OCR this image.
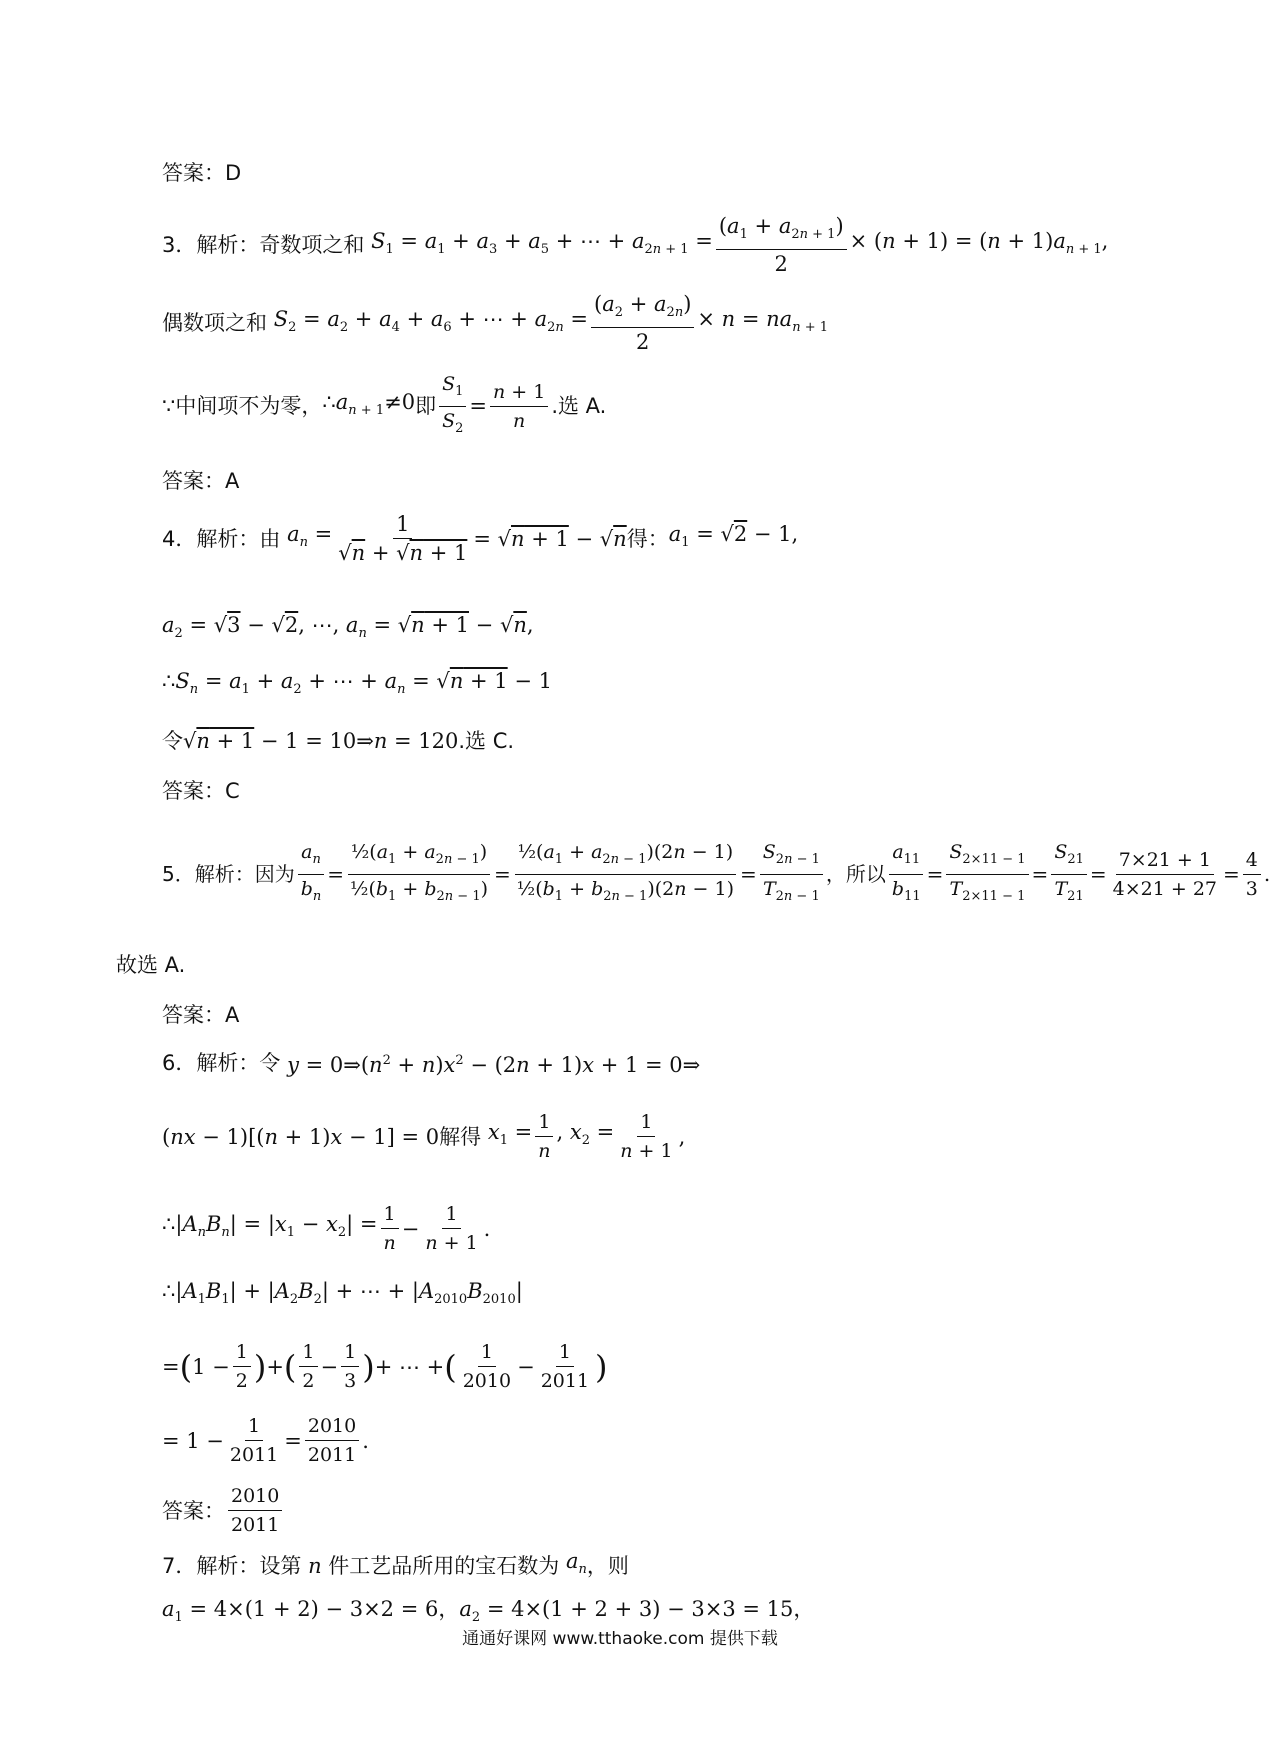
答案：D
3．解析：奇数项之和 $S_1 = a_1 + a_3 + a_5$ + ⋯ + $a_{2n + 1} = \frac{(a_1 + a_{2n + 1})}{2} \times (n + 1) = (n + 1)a_{n + 1}$,
偶数项之和 $S_2 = a_2 + a_4 + a_6$ + ⋯ + $a_{2n} = \frac{(a_2 + a_{2n})}{2} \times n = na_{n + 1}$
∵中间项不为零， $\therefore a_{n + 1}\ne 0$ 即 $\frac{S_1}{S_2} = \frac{n + 1}{n}$ .选 A.
答案：A
4．解析：由 $a_n = \frac{1}{√n + √n + 1} = √n + 1 - √n$ 得： $a_1 = √2 - 1$,
$a_2 = √3 - √2$, ⋯, $a_n = √n + 1 - √n$,
$\therefore S_n = a_1 + a_2$ + ⋯ + $a_n = √n + 1 - 1$
令 √n + 1 − 1 = 10⇒n = 120 .选 C.
答案：C
5．解析：因为 $\frac{a_n}{b_n} = \frac{\frac{1}{2}(a_1 + a_{2n - 1})}{\frac{1}{2}(b_1 + b_{2n - 1})} = \frac{\frac{1}{2}(a_1 + a_{2n - 1})(2n - 1)}{\frac{1}{2}(b_1 + b_{2n - 1})(2n - 1)} = \frac{S_{2n - 1}}{T_{2n - 1}}$ ，所以 $\frac{a_{11}}{b_{11}} = \frac{S_{2\times 11 - 1}}{T_{2\times 11 - 1}} = \frac{S_{21}}{T_{21}} = \frac{7\times 21 + 1}{4\times 21 + 27} = \frac{4}{3}$ .
故选 A.
答案：A
6．解析：令 $y = 0\Rightarrow(n^2 + n)x^2 - (2n + 1)x + 1$ = 0⇒
(nx − 1)[(n + 1)x − 1] = 0 解得 $x_1 = \frac{1}{n}$ , $x_2 = \frac{1}{n + 1}$ ,
$\therefore|A_nB_n| = |x_1 - x_2| = \frac{1}{n} - \frac{1}{n + 1}$ .
$\therefore|A_1B_1| + |A_2B_2|$ + ⋯ + $|A_{2010}B_{2010}|$
= ( $1 - \frac{1}{2}$ ) + ( $\frac{1}{2} - \frac{1}{3}$ ) + ⋯ + ( $\frac{1}{2010} - \frac{1}{2011}$ )
= $1 - \frac{1}{2011} = \frac{2010}{2011}$ .
答案： $\frac{2010}{2011}$
7．解析：设第 n 件工艺品所用的宝石数为 $a_n$ ，则
$a_1 = 4\times(1 + 2) - 3\times 2 = 6$，$a_2 = 4\times(1 + 2 + 3) - 3\times 3 = 15$，
通通好课网 www.tthaoke.com 提供下载
